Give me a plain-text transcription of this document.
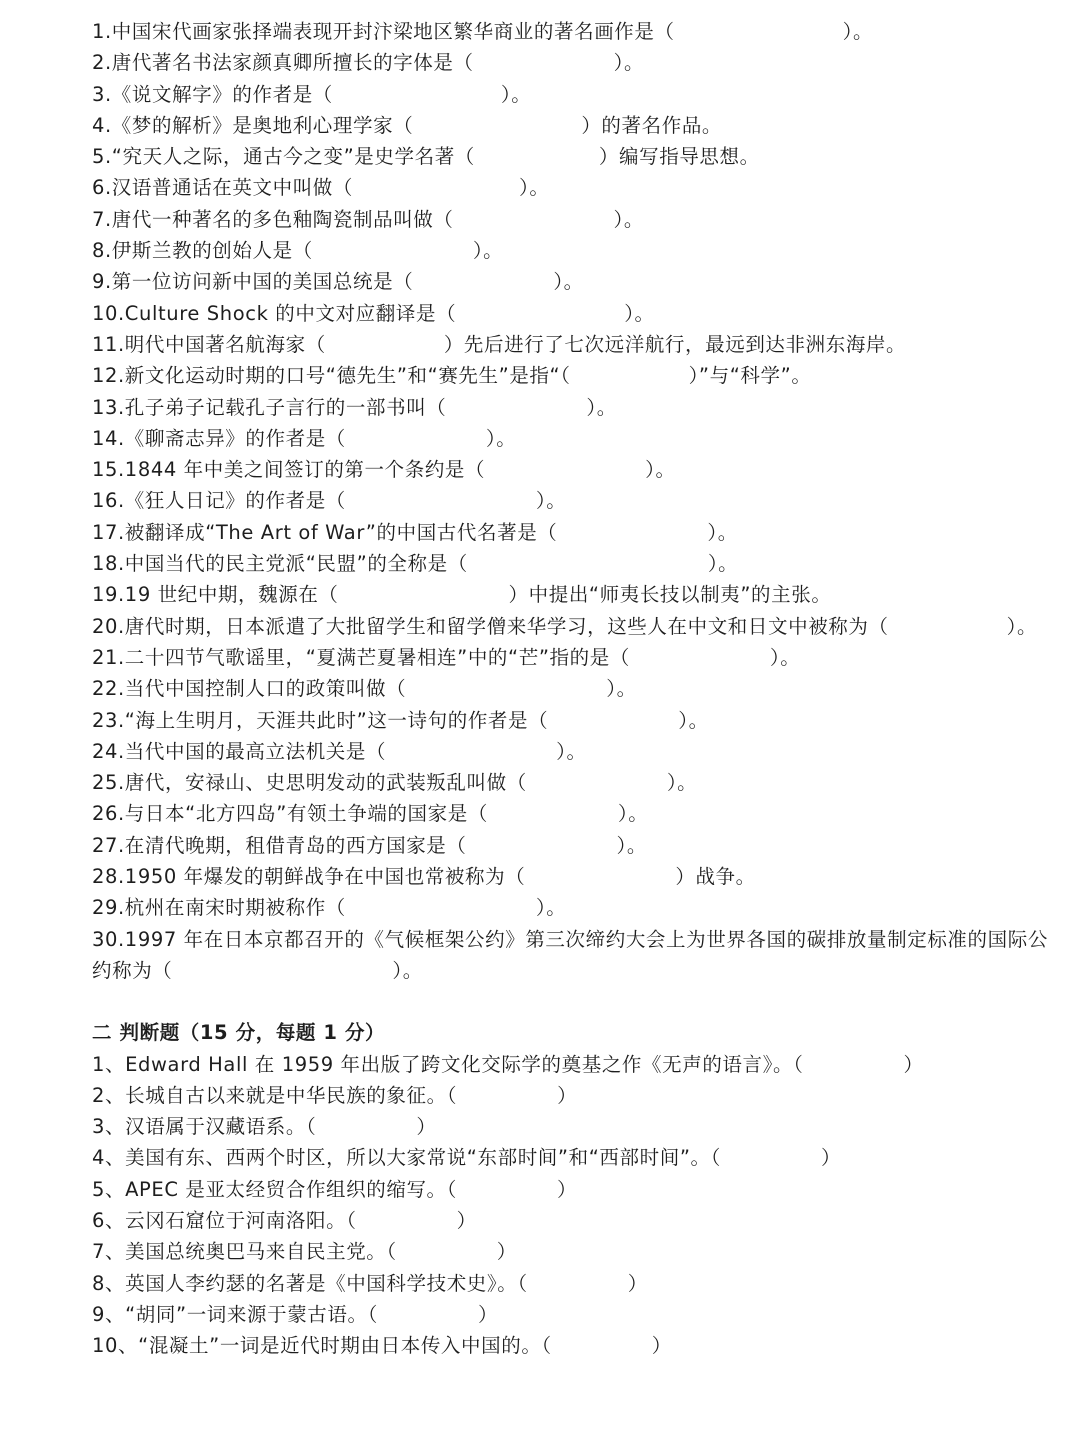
1.中国宋代画家张择端表现开封汴梁地区繁华商业的著名画作是（	）。
2.唐代著名书法家颜真卿所擅长的字体是（	）。
3.《说文解字》的作者是（	）。
4.《梦的解析》是奥地利心理学家（	）的著名作品。
5.“究天人之际，通古今之变”是史学名著（	）编写指导思想。
6.汉语普通话在英文中叫做（	）。
7.唐代一种著名的多色釉陶瓷制品叫做（	）。
8.伊斯兰教的创始人是（	）。
9.第一位访问新中国的美国总统是（	）。
10.Culture Shock 的中文对应翻译是（	）。
11.明代中国著名航海家（	）先后进行了七次远洋航行，最远到达非洲东海岸。
12.新文化运动时期的口号“德先生”和“赛先生”是指“（	）”与“科学”。
13.孔子弟子记载孔子言行的一部书叫（	）。
14.《聊斋志异》的作者是（	）。
15.1844 年中美之间签订的第一个条约是（	）。
16.《狂人日记》的作者是（	）。
17.被翻译成“The Art of War”的中国古代名著是（	）。
18.中国当代的民主党派“民盟”的全称是（	）。
19.19 世纪中期，魏源在（	）中提出“师夷长技以制夷”的主张。
20.唐代时期，日本派遣了大批留学生和留学僧来华学习，这些人在中文和日文中被称为（	）。
21.二十四节气歌谣里，“夏满芒夏暑相连”中的“芒”指的是（	）。
22.当代中国控制人口的政策叫做（	）。
23.“海上生明月，天涯共此时”这一诗句的作者是（	）。
24.当代中国的最高立法机关是（	）。
25.唐代，安禄山、史思明发动的武装叛乱叫做（	）。
26.与日本“北方四岛”有领土争端的国家是（	）。
27.在清代晚期，租借青岛的西方国家是（	）。
28.1950 年爆发的朝鲜战争在中国也常被称为（	）战争。
29.杭州在南宋时期被称作（	）。
30.1997 年在日本京都召开的《气候框架公约》第三次缔约大会上为世界各国的碳排放量制定标准的国际公约称为（	）。
二 判断题（15 分，每题 1 分）
1、Edward Hall 在 1959 年出版了跨文化交际学的奠基之作《无声的语言》。（	）
2、长城自古以来就是中华民族的象征。（	）
3、汉语属于汉藏语系。（	）
4、美国有东、西两个时区，所以大家常说“东部时间”和“西部时间”。（	）
5、APEC 是亚太经贸合作组织的缩写。（	）
6、云冈石窟位于河南洛阳。（	）
7、美国总统奥巴马来自民主党。（	）
8、英国人李约瑟的名著是《中国科学技术史》。（	）
9、“胡同”一词来源于蒙古语。（	）
10、“混凝土”一词是近代时期由日本传入中国的。（	）
